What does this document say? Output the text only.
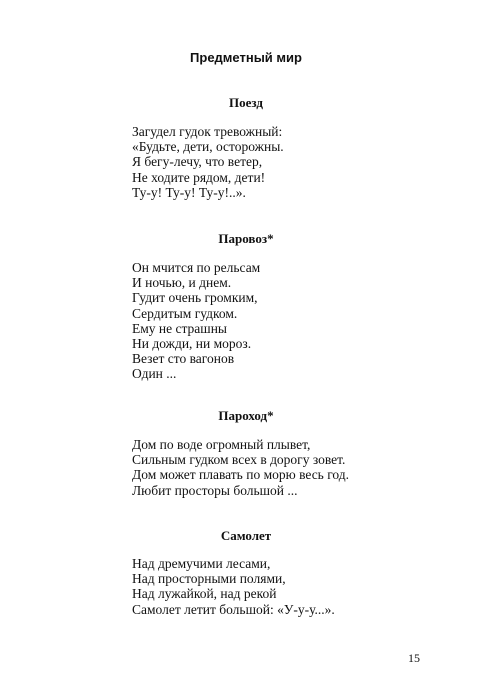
Предметный мир
Поезд
Загудел гудок тревожный:
«Будьте, дети, осторожны.
Я бегу-лечу, что ветер,
Не ходите рядом, дети!
Ту-у! Ту-у! Ту-у!..».
Паровоз*
Он мчится по рельсам
И ночью, и днем.
Гудит очень громким,
Сердитым гудком.
Ему не страшны
Ни дожди, ни мороз.
Везет сто вагонов
Один ...
Пароход*
Дом по воде огромный плывет,
Сильным гудком всех в дорогу зовет.
Дом может плавать по морю весь год.
Любит просторы большой ...
Самолет
Над дремучими лесами,
Над просторными полями,
Над лужайкой, над рекой
Самолет летит большой: «У-у-у...».
15
